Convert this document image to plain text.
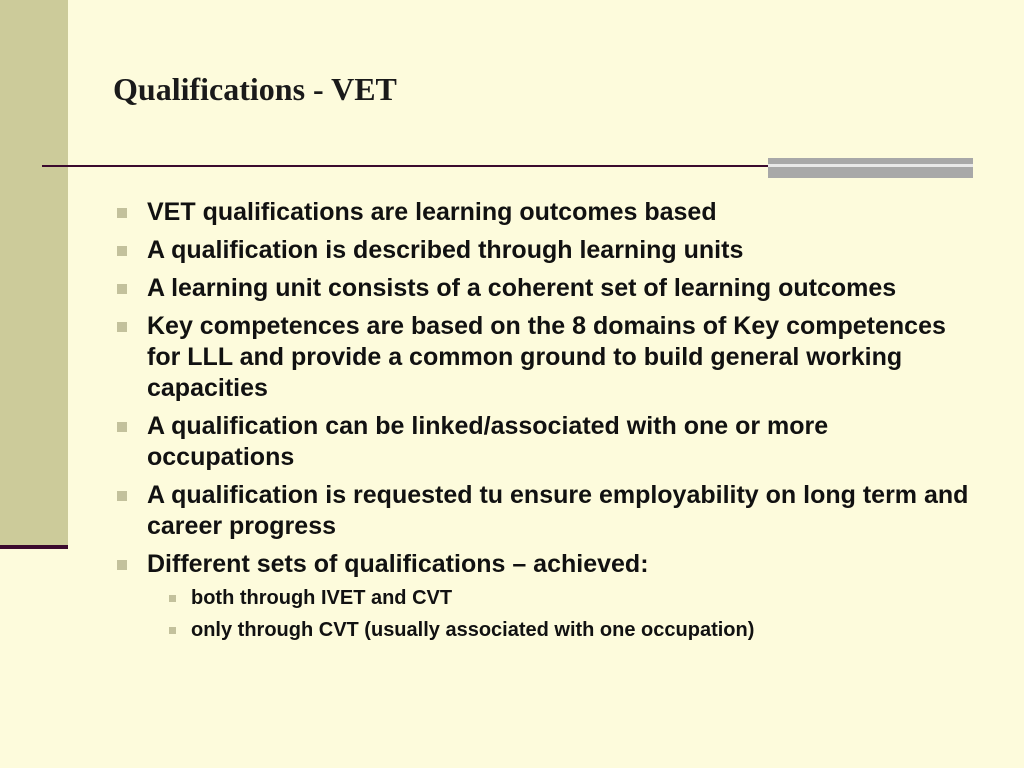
Qualifications - VET
VET qualifications are learning outcomes based
A qualification is described through learning units
A learning unit consists of a coherent set of learning outcomes
Key competences are based on the 8 domains of Key competences for LLL and provide a common ground to build general working capacities
A qualification can be linked/associated with one or more occupations
A qualification is requested tu ensure employability on long term and career progress
Different sets of qualifications – achieved:
both through IVET and CVT
only through CVT (usually associated with one occupation)
